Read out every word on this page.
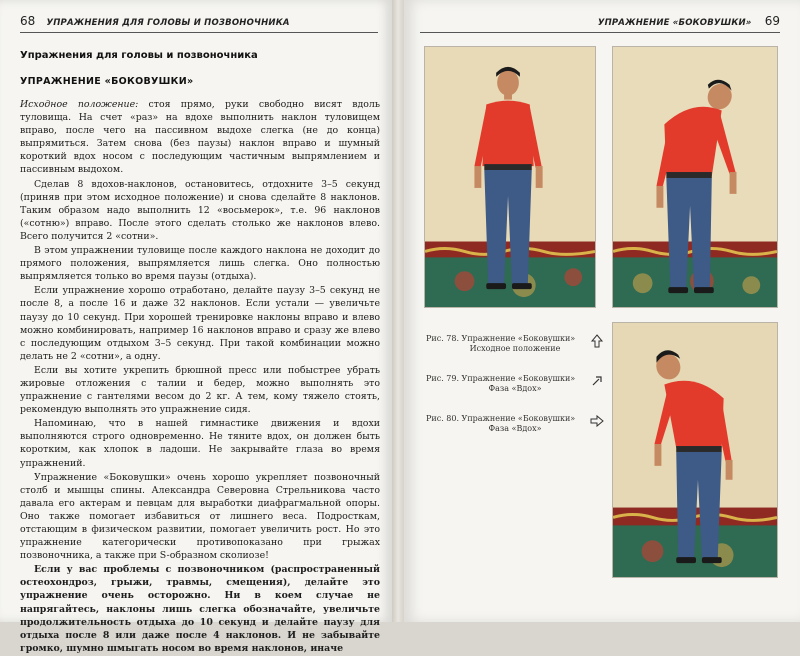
68 УПРАЖНЕНИЯ ДЛЯ ГОЛОВЫ И ПОЗВОНОЧНИКА
Упражнения для головы и позвоночника
УПРАЖНЕНИЕ «БОКОВУШКИ»

Исходное положение: стоя прямо, руки свободно висят вдоль туловища. На счет «раз» на вдохе выполнить наклон туловищем вправо, после чего на пассивном выдохе слегка (не до конца) выпрямиться. Затем снова (без паузы) наклон вправо и шумный короткий вдох носом с последующим частичным выпрямлением и пассивным выдохом.

Сделав 8 вдохов-наклонов, остановитесь, отдохните 3–5 секунд (приняв при этом исходное положение) и снова сделайте 8 наклонов. Таким образом надо выполнить 12 «восьмерок», т.е. 96 наклонов («сотню») вправо. После этого сделать столько же наклонов влево. Всего получится 2 «сотни».

В этом упражнении туловище после каждого наклона не доходит до прямого положения, выпрямляется лишь слегка. Оно полностью выпрямляется только во время паузы (отдыха).

Если упражнение хорошо отработано, делайте паузу 3–5 секунд не после 8, а после 16 и даже 32 наклонов. Если устали — увеличьте паузу до 10 секунд. При хорошей тренировке наклоны вправо и влево можно комбинировать, например 16 наклонов вправо и сразу же влево с последующим отдыхом 3–5 секунд. При такой комбинации можно делать не 2 «сотни», а одну.

Если вы хотите укрепить брюшной пресс или побыстрее убрать жировые отложения с талии и бедер, можно выполнять это упражнение с гантелями весом до 2 кг. А тем, кому тяжело стоять, рекомендую выполнять это упражнение сидя.

Напоминаю, что в нашей гимнастике движения и вдохи выполняются строго одновременно. Не тяните вдох, он должен быть коротким, как хлопок в ладоши. Не закрывайте глаза во время упражнений.

Упражнение «Боковушки» очень хорошо укрепляет позвоночный столб и мышцы спины. Александра Северовна Стрельникова часто давала его актерам и певцам для выработки диафрагмальной опоры. Оно также помогает избавиться от лишнего веса. Подросткам, отстающим в физическом развитии, помогает увеличить рост. Но это упражнение категорически противопоказано при грыжах позвоночника, а также при S-образном сколиозе!

Если у вас проблемы с позвоночником (распространенный остеохондроз, грыжи, травмы, смещения), делайте это упражнение очень осторожно. Ни в коем случае не напрягайтесь, наклоны лишь слегка обозначайте, увеличьте продолжительность отдыха до 10 секунд и делайте паузу для отдыха после 8 или даже после 4 наклонов. И не забывайте громко, шумно шмыгать носом во время наклонов, иначе

УПРАЖНЕНИЕ «БОКОВУШКИ» 69
Рис. 78. Упражнение «Боковушки»
Исходное положение
Рис. 79. Упражнение «Боковушки»
Фаза «Вдох»
Рис. 80. Упражнение «Боковушки»
Фаза «Вдох»
